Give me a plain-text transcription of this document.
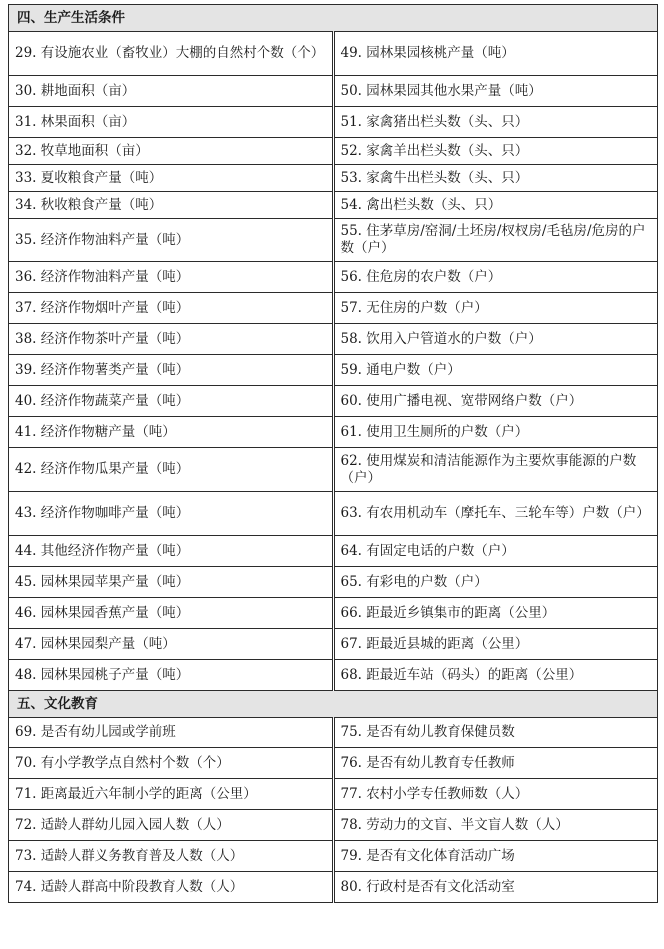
四、生产生活条件	
29. 有设施农业（畜牧业）大棚的自然村个数（个）	49. 园林果园核桃产量（吨）
30. 耕地面积（亩）	50. 园林果园其他水果产量（吨）
31. 林果面积（亩）	51. 家禽猪出栏头数（头、只）
32. 牧草地面积（亩）	52. 家禽羊出栏头数（头、只）
33. 夏收粮食产量（吨）	53. 家禽牛出栏头数（头、只）
34. 秋收粮食产量（吨）	54. 禽出栏头数（头、只）
35. 经济作物油料产量（吨）	55. 住茅草房/窑洞/土坯房/杈杈房/毛毡房/危房的户数（户）
36. 经济作物油料产量（吨）	56. 住危房的农户数（户）
37. 经济作物烟叶产量（吨）	57. 无住房的户数（户）
38. 经济作物茶叶产量（吨）	58. 饮用入户管道水的户数（户）
39. 经济作物薯类产量（吨）	59. 通电户数（户）
40. 经济作物蔬菜产量（吨）	60. 使用广播电视、宽带网络户数（户）
41. 经济作物糖产量（吨）	61. 使用卫生厕所的户数（户）
42. 经济作物瓜果产量（吨）	62. 使用煤炭和清洁能源作为主要炊事能源的户数（户）
43. 经济作物咖啡产量（吨）	63. 有农用机动车（摩托车、三轮车等）户数（户）
44. 其他经济作物产量（吨）	64. 有固定电话的户数（户）
45. 园林果园苹果产量（吨）	65. 有彩电的户数（户）
46. 园林果园香蕉产量（吨）	66. 距最近乡镇集市的距离（公里）
47. 园林果园梨产量（吨）	67. 距最近县城的距离（公里）
48. 园林果园桃子产量（吨）	68. 距最近车站（码头）的距离（公里）
五、文化教育	
69. 是否有幼儿园或学前班	75. 是否有幼儿教育保健员数
70. 有小学教学点自然村个数（个）	76. 是否有幼儿教育专任教师
71. 距离最近六年制小学的距离（公里）	77. 农村小学专任教师数（人）
72. 适龄人群幼儿园入园人数（人）	78. 劳动力的文盲、半文盲人数（人）
73. 适龄人群义务教育普及人数（人）	79. 是否有文化体育活动广场
74. 适龄人群高中阶段教育人数（人）	80. 行政村是否有文化活动室
